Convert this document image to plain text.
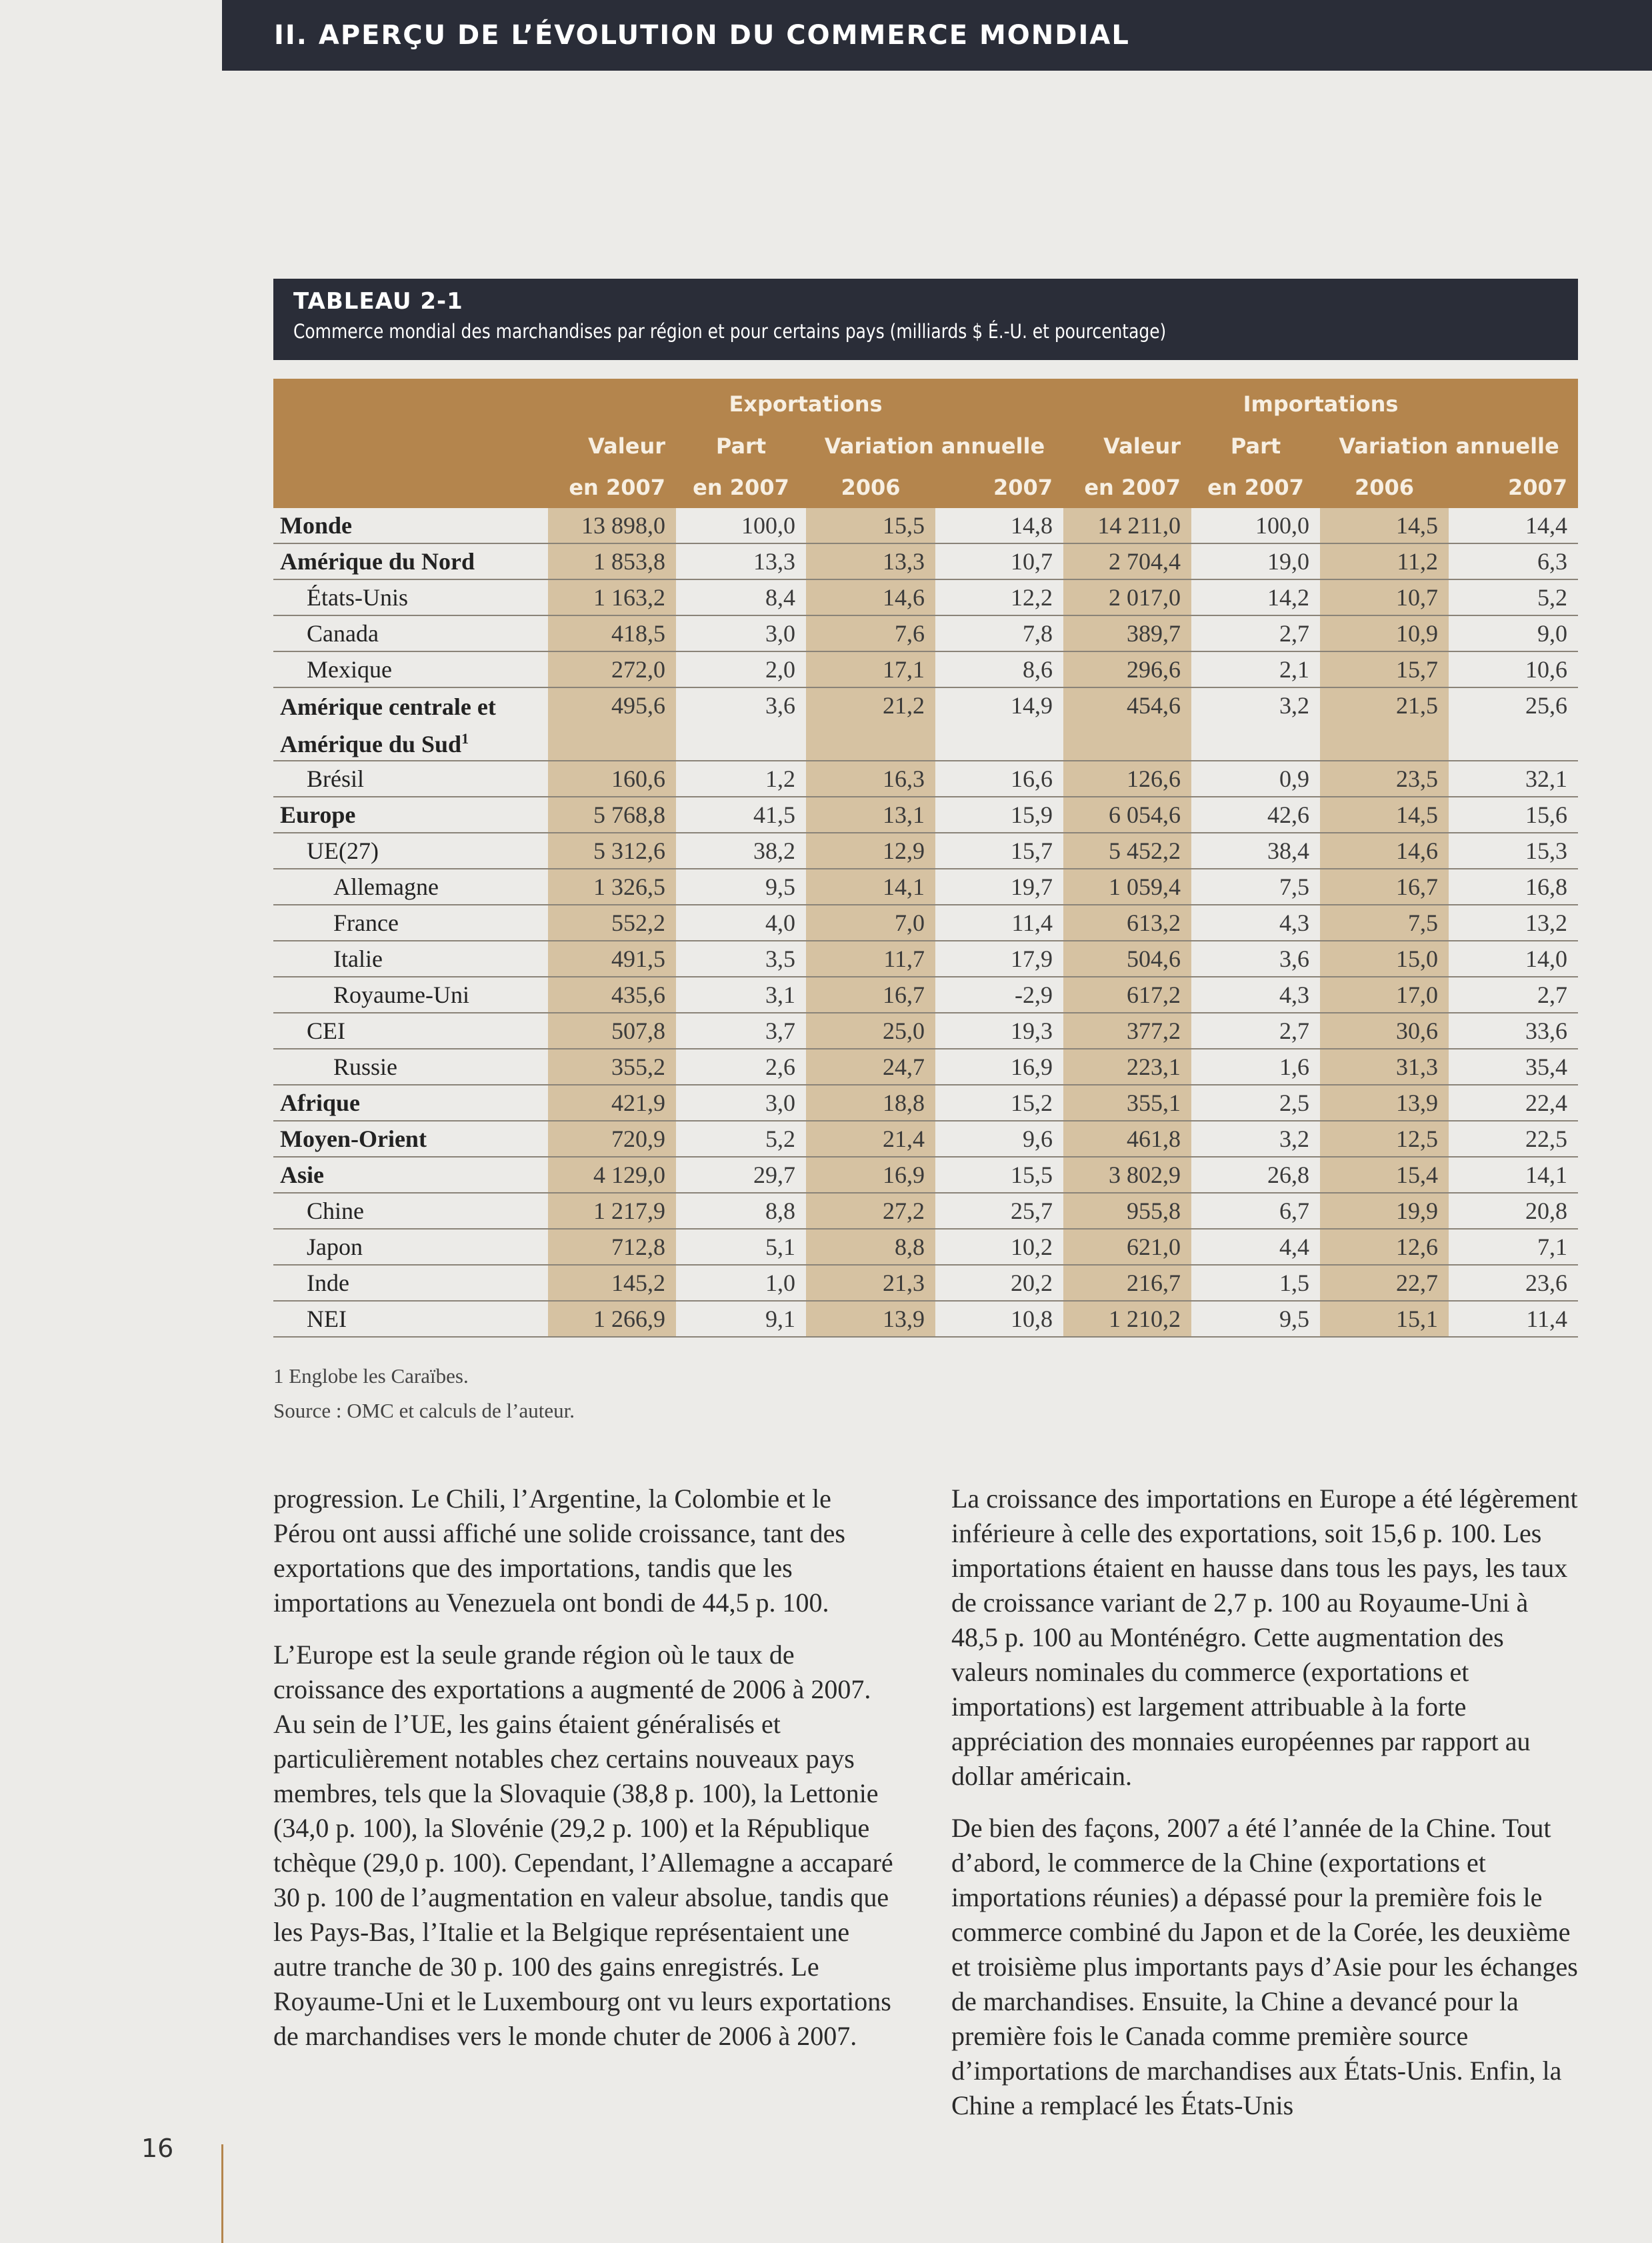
II. APERÇU DE L’ÉVOLUTION DU COMMERCE MONDIAL
TABLEAU 2-1
Commerce mondial des marchandises par région et pour certains pays (milliards $ É.-U. et pourcentage)
	Exportations				Importations			
	Valeur	Part	Variation annuelle		Valeur	Part	Variation annuelle	
	en 2007	en 2007	2006	2007	en 2007	en 2007	2006	2007
Monde	13 898,0	100,0	15,5	14,8	14 211,0	100,0	14,5	14,4
Amérique du Nord	1 853,8	13,3	13,3	10,7	2 704,4	19,0	11,2	6,3
États-Unis	1 163,2	8,4	14,6	12,2	2 017,0	14,2	10,7	5,2
Canada	418,5	3,0	7,6	7,8	389,7	2,7	10,9	9,0
Mexique	272,0	2,0	17,1	8,6	296,6	2,1	15,7	10,6
Amérique centrale et
Amérique du Sud$^1$	495,6	3,6	21,2	14,9	454,6	3,2	21,5	25,6
Brésil	160,6	1,2	16,3	16,6	126,6	0,9	23,5	32,1
Europe	5 768,8	41,5	13,1	15,9	6 054,6	42,6	14,5	15,6
UE(27)	5 312,6	38,2	12,9	15,7	5 452,2	38,4	14,6	15,3
Allemagne	1 326,5	9,5	14,1	19,7	1 059,4	7,5	16,7	16,8
France	552,2	4,0	7,0	11,4	613,2	4,3	7,5	13,2
Italie	491,5	3,5	11,7	17,9	504,6	3,6	15,0	14,0
Royaume-Uni	435,6	3,1	16,7	-2,9	617,2	4,3	17,0	2,7
CEI	507,8	3,7	25,0	19,3	377,2	2,7	30,6	33,6
Russie	355,2	2,6	24,7	16,9	223,1	1,6	31,3	35,4
Afrique	421,9	3,0	18,8	15,2	355,1	2,5	13,9	22,4
Moyen-Orient	720,9	5,2	21,4	9,6	461,8	3,2	12,5	22,5
Asie	4 129,0	29,7	16,9	15,5	3 802,9	26,8	15,4	14,1
Chine	1 217,9	8,8	27,2	25,7	955,8	6,7	19,9	20,8
Japon	712,8	5,1	8,8	10,2	621,0	4,4	12,6	7,1
Inde	145,2	1,0	21,3	20,2	216,7	1,5	22,7	23,6
NEI	1 266,9	9,1	13,9	10,8	1 210,2	9,5	15,1	11,4
1 Englobe les Caraïbes.
Source : OMC et calculs de l’auteur.

progression. Le Chili, l’Argentine, la Colombie et le Pérou ont aussi affiché une solide croissance, tant des exportations que des importations, tandis que les importations au Venezuela ont bondi de 44,5 p. 100.

L’Europe est la seule grande région où le taux de croissance des exportations a augmenté de 2006 à 2007. Au sein de l’UE, les gains étaient généralisés et particulièrement notables chez certains nouveaux pays membres, tels que la Slovaquie (38,8 p. 100), la Lettonie (34,0 p. 100), la Slovénie (29,2 p. 100) et la République tchèque (29,0 p. 100). Cependant, l’Allemagne a accaparé 30 p. 100 de l’augmentation en valeur absolue, tandis que les Pays-Bas, l’Italie et la Belgique représentaient une autre tranche de 30 p. 100 des gains enregistrés. Le Royaume-Uni et le Luxembourg ont vu leurs exportations de marchandises vers le monde chuter de 2006 à 2007.

La croissance des importations en Europe a été légèrement inférieure à celle des exportations, soit 15,6 p. 100. Les importations étaient en hausse dans tous les pays, les taux de croissance variant de 2,7 p. 100 au Royaume-Uni à 48,5 p. 100 au Monténégro. Cette augmentation des valeurs nominales du commerce (exportations et importations) est largement attribuable à la forte appréciation des monnaies européennes par rapport au dollar américain.

De bien des façons, 2007 a été l’année de la Chine. Tout d’abord, le commerce de la Chine (exportations et importations réunies) a dépassé pour la première fois le commerce combiné du Japon et de la Corée, les deuxième et troisième plus importants pays d’Asie pour les échanges de marchandises. Ensuite, la Chine a devancé pour la première fois le Canada comme première source d’importations de marchandises aux États-Unis. Enfin, la Chine a remplacé les États-Unis

16
